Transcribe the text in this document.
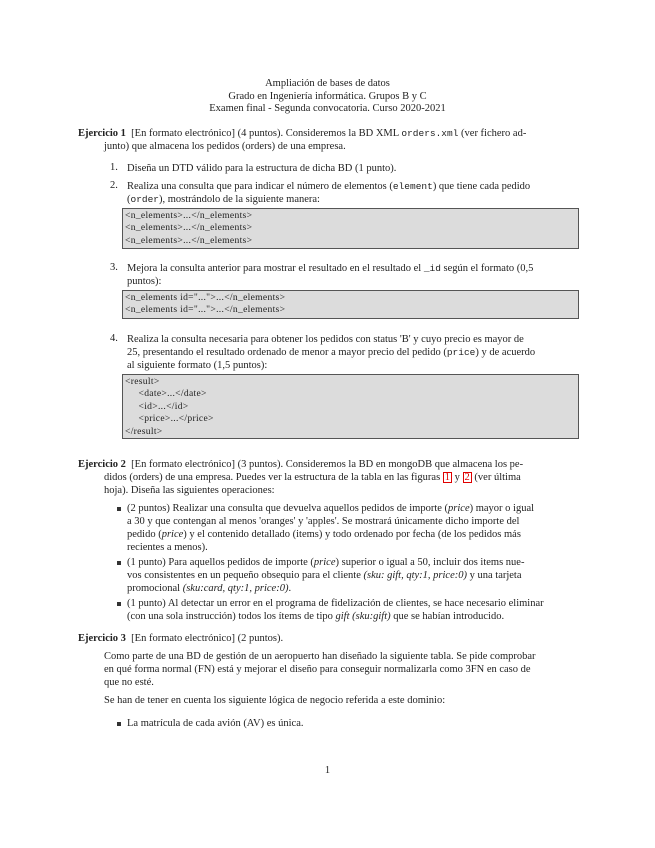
Ampliación de bases de datos
Grado en Ingeniería informática. Grupos B y C
Examen final - Segunda convocatoria. Curso 2020-2021
Ejercicio 1 [En formato electrónico] (4 puntos). Consideremos la BD XML orders.xml (ver fichero ad-
junto) que almacena los pedidos (orders) de una empresa.
1. Diseña un DTD válido para la estructura de dicha BD (1 punto).
2. Realiza una consulta que para indicar el número de elementos (element) que tiene cada pedido
(order), mostrándolo de la siguiente manera:
<n_elements>...</n_elements>
<n_elements>...</n_elements>
<n_elements>...</n_elements>
3. Mejora la consulta anterior para mostrar el resultado en el resultado el _id según el formato (0,5
puntos):
<n_elements id="...">...</n_elements>
<n_elements id="...">...</n_elements>
4. Realiza la consulta necesaria para obtener los pedidos con status 'B' y cuyo precio es mayor de
25, presentando el resultado ordenado de menor a mayor precio del pedido (price) y de acuerdo
al siguiente formato (1,5 puntos):
<result>
<date>...</date>
<id>...</id>
<price>...</price>
</result>
Ejercicio 2 [En formato electrónico] (3 puntos). Consideremos la BD en mongoDB que almacena los pe-
didos (orders) de una empresa. Puedes ver la estructura de la tabla en las figuras 1 y 2 (ver última
hoja). Diseña las siguientes operaciones:
(2 puntos) Realizar una consulta que devuelva aquellos pedidos de importe (price) mayor o igual
a 30 y que contengan al menos 'oranges' y 'apples'. Se mostrará únicamente dicho importe del
pedido (price) y el contenido detallado (items) y todo ordenado por fecha (de los pedidos más
recientes a menos).
(1 punto) Para aquellos pedidos de importe (price) superior o igual a 50, incluir dos items nue-
vos consistentes en un pequeño obsequio para el cliente (sku: gift, qty:1, price:0) y una tarjeta
promocional (sku:card, qty:1, price:0).
(1 punto) Al detectar un error en el programa de fidelización de clientes, se hace necesario eliminar
(con una sola instrucción) todos los ítems de tipo gift (sku:gift) que se habían introducido.
Ejercicio 3 [En formato electrónico] (2 puntos).
Como parte de una BD de gestión de un aeropuerto han diseñado la siguiente tabla. Se pide comprobar
en qué forma normal (FN) está y mejorar el diseño para conseguir normalizarla como 3FN en caso de
que no esté.
Se han de tener en cuenta los siguiente lógica de negocio referida a este dominio:
La matrícula de cada avión (AV) es única.
1
